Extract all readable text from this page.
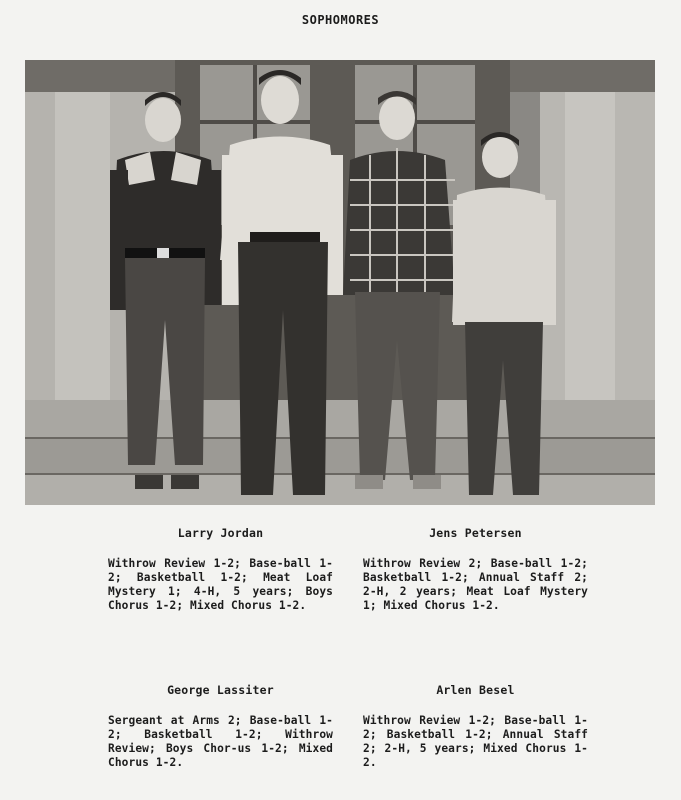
SOPHOMORES
Larry Jordan

Withrow Review 1-2; Base-ball 1-2; Basketball 1-2; Meat Loaf Mystery 1; 4-H, 5 years; Boys Chorus 1-2; Mixed Chorus 1-2.

Jens Petersen

Withrow Review 2; Base-ball 1-2; Basketball 1-2; Annual Staff 2; 2-H, 2 years; Meat Loaf Mystery 1; Mixed Chorus 1-2.

George Lassiter

Sergeant at Arms 2; Base-ball 1-2; Basketball 1-2; Withrow Review; Boys Chor-us 1-2; Mixed Chorus 1-2.

Arlen Besel

Withrow Review 1-2; Base-ball 1-2; Basketball 1-2; Annual Staff 2; 2-H, 5 years; Mixed Chorus 1-2.
